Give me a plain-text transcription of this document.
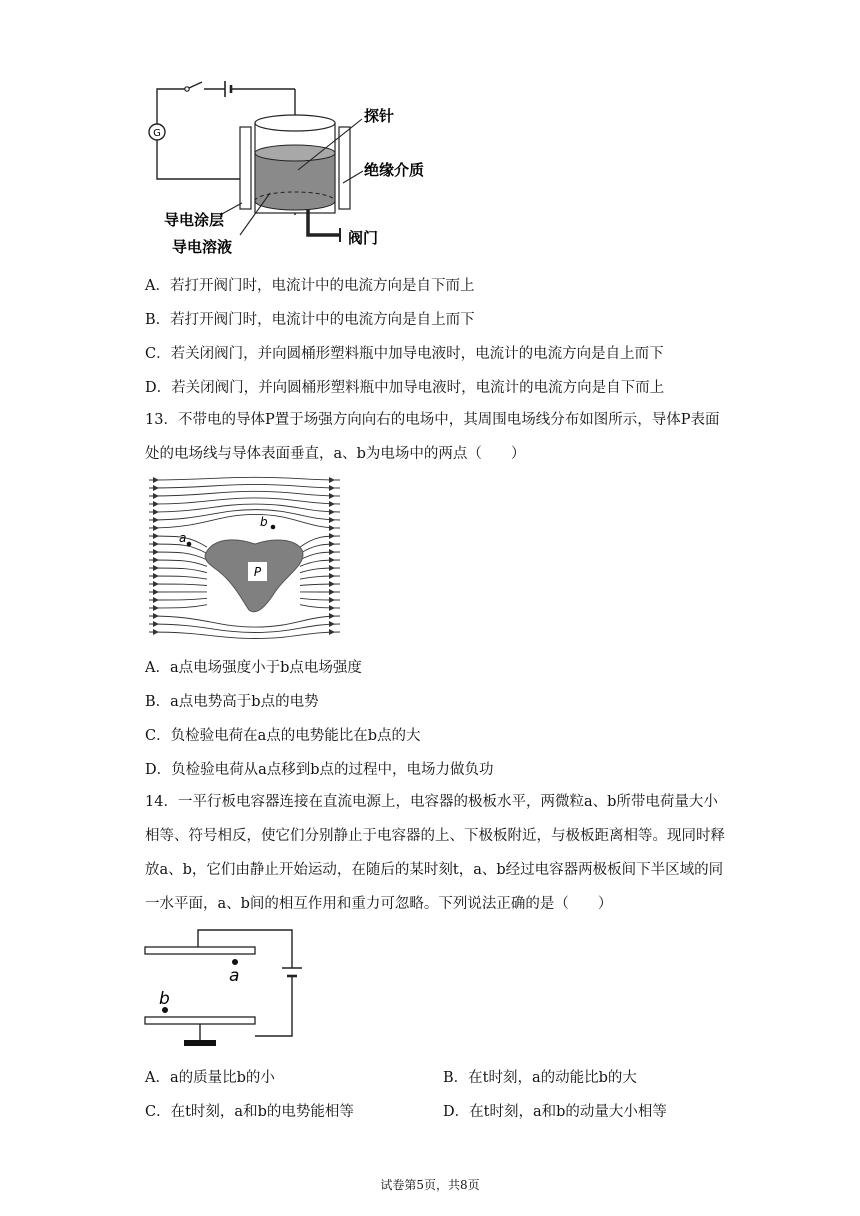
G
探针
绝缘介质
导电涂层
导电溶液	阀门
A．若打开阀门时，电流计中的电流方向是自下而上
B．若打开阀门时，电流计中的电流方向是自上而下
C．若关闭阀门，并向圆桶形塑料瓶中加导电液时，电流计的电流方向是自上而下
D．若关闭阀门，并向圆桶形塑料瓶中加导电液时，电流计的电流方向是自下而上
13．不带电的导体P置于场强方向向右的电场中，其周围电场线分布如图所示，导体P表面处的电场线与导体表面垂直，a、b为电场中的两点（　　）
P
a
b
A．a点电场强度小于b点电场强度
B．a点电势高于b点的电势
C．负检验电荷在a点的电势能比在b点的大
D．负检验电荷从a点移到b点的过程中，电场力做负功
14．一平行板电容器连接在直流电源上，电容器的极板水平，两微粒a、b所带电荷量大小相等、符号相反，使它们分别静止于电容器的上、下极板附近，与极板距离相等。现同时释放a、b，它们由静止开始运动，在随后的某时刻t，a、b经过电容器两极板间下半区域的同一水平面，a、b间的相互作用和重力可忽略。下列说法正确的是（　　）
a
b
A．a的质量比b的小	B．在t时刻，a的动能比b的大
C．在t时刻，a和b的电势能相等	D．在t时刻，a和b的动量大小相等
试卷第5页，共8页
